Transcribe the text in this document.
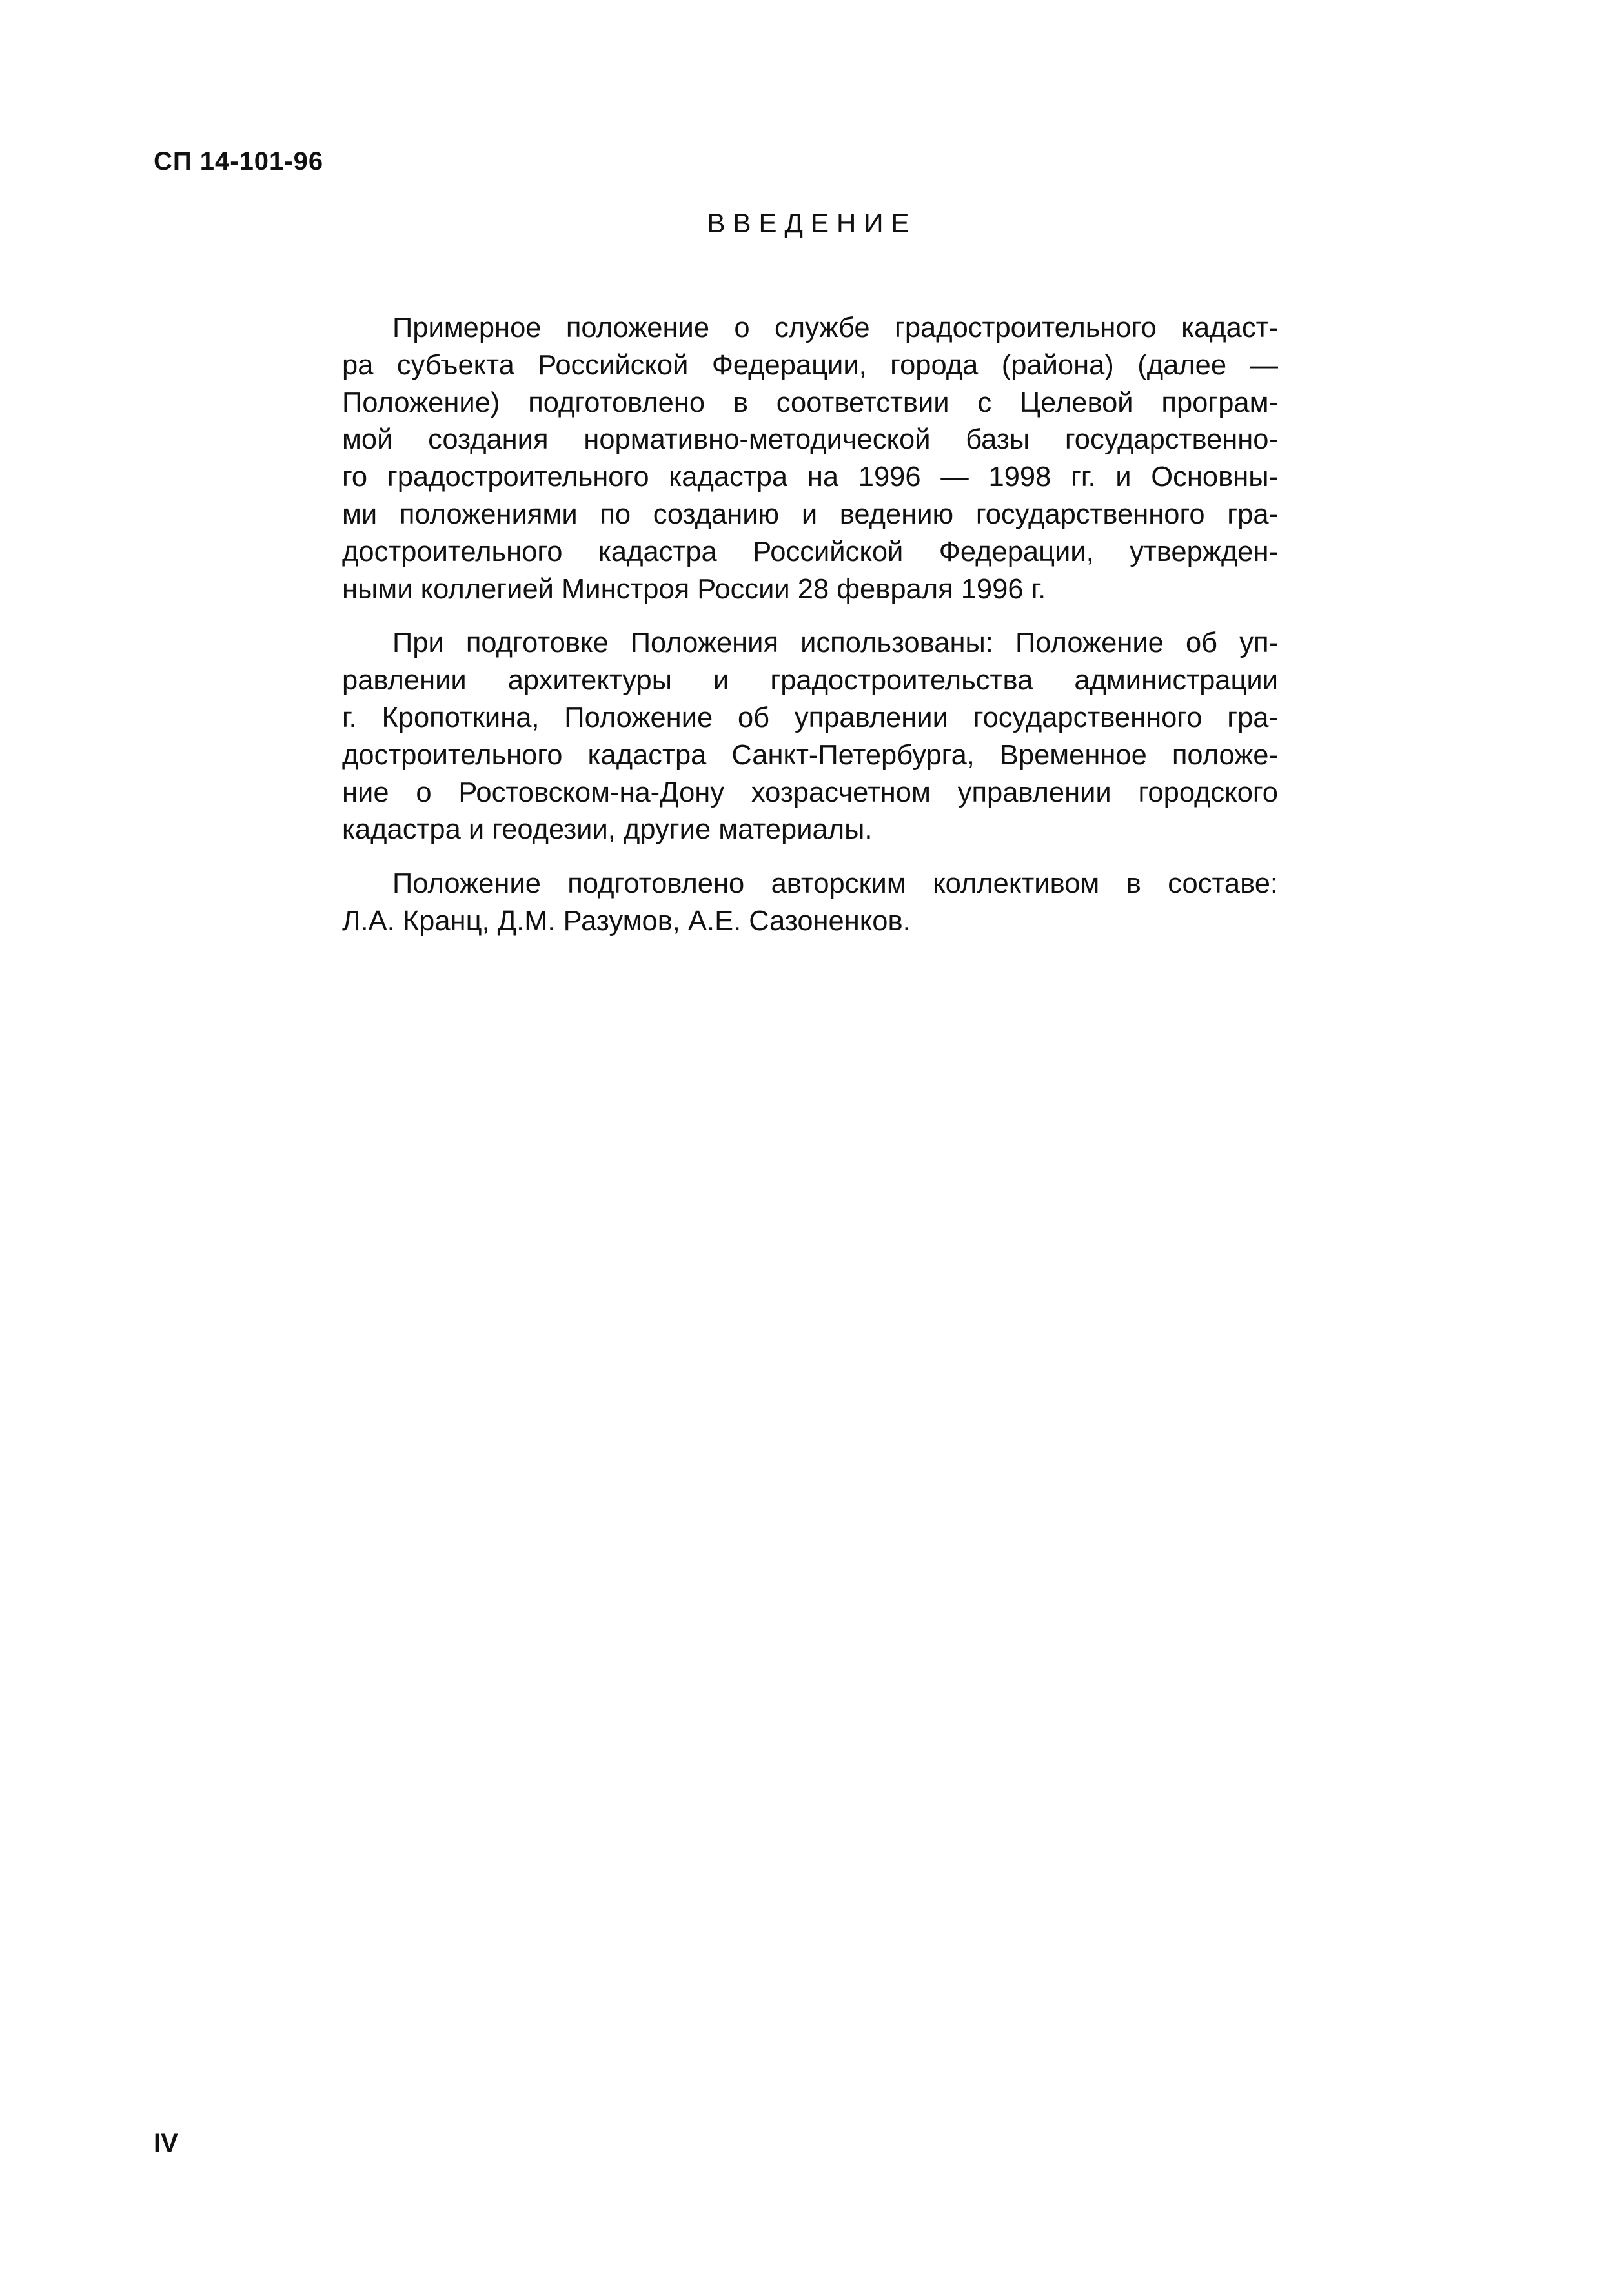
СП 14-101-96
ВВЕДЕНИЕ

Примерное положение о службе градостроительного кадаст-
ра субъекта Российской Федерации, города (района) (далее —
Положение) подготовлено в соответствии с Целевой програм-
мой создания нормативно-методической базы государственно-
го градостроительного кадастра на 1996 — 1998 гг. и Основны-
ми положениями по созданию и ведению государственного гра-
достроительного кадастра Российской Федерации, утвержден-
ными коллегией Минстроя России 28 февраля 1996 г.

При подготовке Положения использованы: Положение об уп-
равлении архитектуры и градостроительства администрации
г. Кропоткина, Положение об управлении государственного гра-
достроительного кадастра Санкт-Петербурга, Временное положе-
ние о Ростовском-на-Дону хозрасчетном управлении городского
кадастра и геодезии, другие материалы.

Положение подготовлено авторским коллективом в составе:
Л.А. Кранц, Д.М. Разумов, А.Е. Сазоненков.

IV
